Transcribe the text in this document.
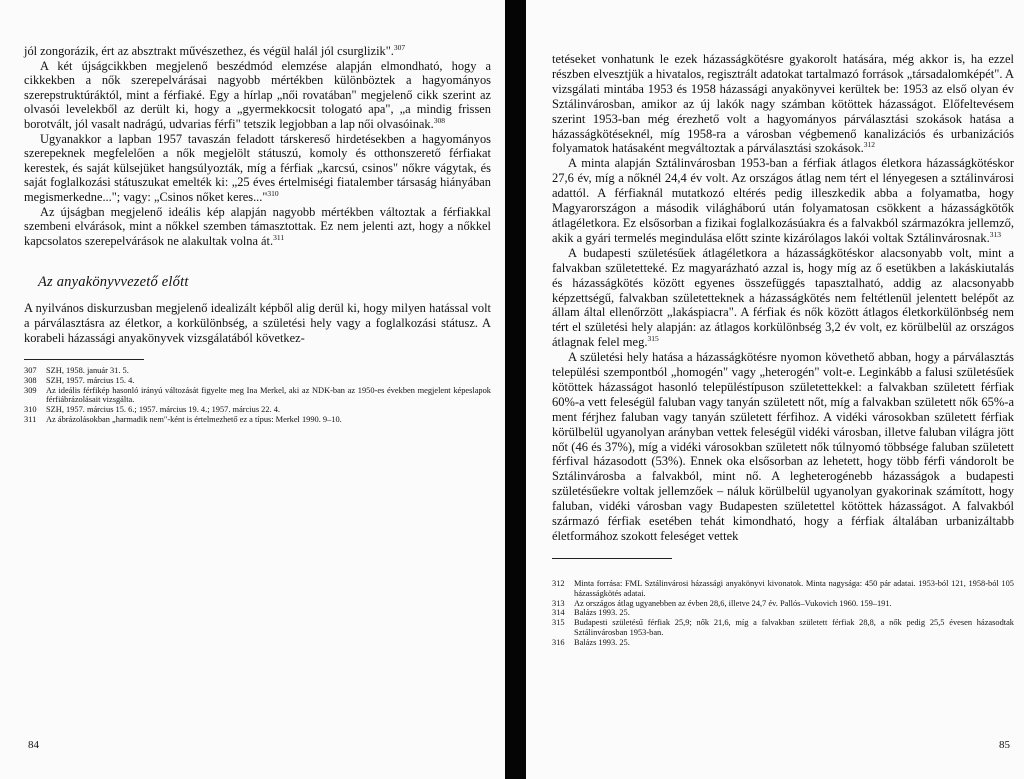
jól zongorázik, ért az absztrakt művészethez, és végül halál jól csurglizik".$^{307}$

A két újságcikkben megjelenő beszédmód elemzése alapján elmondható, hogy a cikkekben a nők szerepelvárásai nagyobb mértékben különböztek a hagyományos szerepstruktúráktól, mint a férfiaké. Egy a hírlap „női rovatában" megjelenő cikk szerint az olvasói levelekből az derült ki, hogy a „gyermekkocsit tologató apa", „a mindig frissen borotvált, jól vasalt nadrágú, udvarias férfi" tetszik legjobban a lap női olvasóinak.$^{308}$

Ugyanakkor a lapban 1957 tavaszán feladott társkereső hirdetésekben a hagyományos szerepeknek megfelelően a nők megjelölt státuszú, komoly és otthonszerető férfiakat kerestek, és saját külsejüket hangsúlyozták, míg a férfiak „karcsú, csinos" nőkre vágytak, és saját foglalkozási státuszukat emelték ki: „25 éves értelmiségi fiatalember társaság hiányában megismerkedne..."; vagy: „Csinos nőket keres..."$^{310}$

Az újságban megjelenő ideális kép alapján nagyobb mértékben változtak a férfiakkal szembeni elvárások, mint a nőkkel szemben támasztottak. Ez nem jelenti azt, hogy a nőkkel kapcsolatos szerepelvárások ne alakultak volna át.$^{311}$

Az anyakönyvvezető előtt

A nyilvános diskurzusban megjelenő idealizált képből alig derül ki, hogy milyen hatással volt a párválasztásra az életkor, a korkülönbség, a születési hely vagy a foglalkozási státusz. A korabeli házassági anyakönyvek vizsgálatából következ-

307 SZH, 1958. január 31. 5.

308 SZH, 1957. március 15. 4.

309 Az ideális férfikép hasonló irányú változását figyelte meg Ina Merkel, aki az NDK-ban az 1950-es években megjelent képeslapok férfiábrázolásait vizsgálta.

310 SZH, 1957. március 15. 6.; 1957. március 19. 4.; 1957. március 22. 4.

311 Az ábrázolásokban „harmadik nem"-ként is értelmezhető ez a típus: Merkel 1990. 9–10.

84

tetéseket vonhatunk le ezek házasságkötésre gyakorolt hatására, még akkor is, ha ezzel részben elvesztjük a hivatalos, regisztrált adatokat tartalmazó források „társadalomképét". A vizsgálati mintába 1953 és 1958 házassági anyakönyvei kerültek be: 1953 az első olyan év Sztálinvárosban, amikor az új lakók nagy számban kötöttek házasságot. Előfeltevésem szerint 1953-ban még érezhető volt a hagyományos párválasztási szokások hatása a házasságkötéseknél, míg 1958-ra a városban végbemenő kanalizációs és urbanizációs folyamatok hatásaként megváltoztak a párválasztási szokások.$^{312}$

A minta alapján Sztálinvárosban 1953-ban a férfiak átlagos életkora házasságkötéskor 27,6 év, míg a nőknél 24,4 év volt. Az országos átlag nem tért el lényegesen a sztálinvárosi adattól. A férfiaknál mutatkozó eltérés pedig illeszkedik abba a folyamatba, hogy Magyarországon a második világháború után folyamatosan csökkent a házasságkötők átlagéletkora. Ez elsősorban a fizikai foglalkozásúakra és a falvakból származókra jellemző, akik a gyári termelés megindulása előtt szinte kizárólagos lakói voltak Sztálinvárosnak.$^{313}$

A budapesti születésűek átlagéletkora a házasságkötéskor alacsonyabb volt, mint a falvakban születetteké. Ez magyarázható azzal is, hogy míg az ő esetükben a lakáskiutalás és házasságkötés között egyenes összefüggés tapasztalható, addig az alacsonyabb képzettségű, falvakban születetteknek a házasságkötés nem feltétlenül jelentett belépőt az állam által ellenőrzött „lakáspiacra". A férfiak és nők között átlagos életkorkülönbség nem tért el születési hely alapján: az átlagos korkülönbség 3,2 év volt, ez körülbelül az országos átlagnak felel meg.$^{315}$

A születési hely hatása a házasságkötésre nyomon követhető abban, hogy a párválasztás települési szempontból „homogén" vagy „heterogén" volt-e. Leginkább a falusi születésűek kötöttek házasságot hasonló településtípuson születettekkel: a falvakban született férfiak 60%-a vett feleségül faluban vagy tanyán született nőt, míg a falvakban született nők 65%-a ment férjhez faluban vagy tanyán született férfihoz. A vidéki városokban született férfiak körülbelül ugyanolyan arányban vettek feleségül vidéki városban, illetve faluban világra jött nőt (46 és 37%), míg a vidéki városokban született nők túlnyomó többsége faluban született férfival házasodott (53%). Ennek oka elsősorban az lehetett, hogy több férfi vándorolt be Sztálinvárosba a falvakból, mint nő. A legheterogénebb házasságok a budapesti születésűekre voltak jellemzőek – náluk körülbelül ugyanolyan gyakorinak számított, hogy faluban, vidéki városban vagy Budapesten születettel kötöttek házasságot. A falvakból származó férfiak esetében tehát kimondható, hogy a férfiak általában urbanizáltabb életformához szokott feleséget vettek

312 Minta forrása: FML Sztálinvárosi házassági anyakönyvi kivonatok. Minta nagysága: 450 pár adatai. 1953-ból 121, 1958-ból 105 házasságkötés adatai.

313 Az országos átlag ugyanebben az évben 28,6, illetve 24,7 év. Pallós–Vukovich 1960. 159–191.

314 Balázs 1993. 25.

315 Budapesti születésű férfiak 25,9; nők 21,6, míg a falvakban született férfiak 28,8, a nők pedig 25,5 évesen házasodtak Sztálinvárosban 1953-ban.

316 Balázs 1993. 25.

85
